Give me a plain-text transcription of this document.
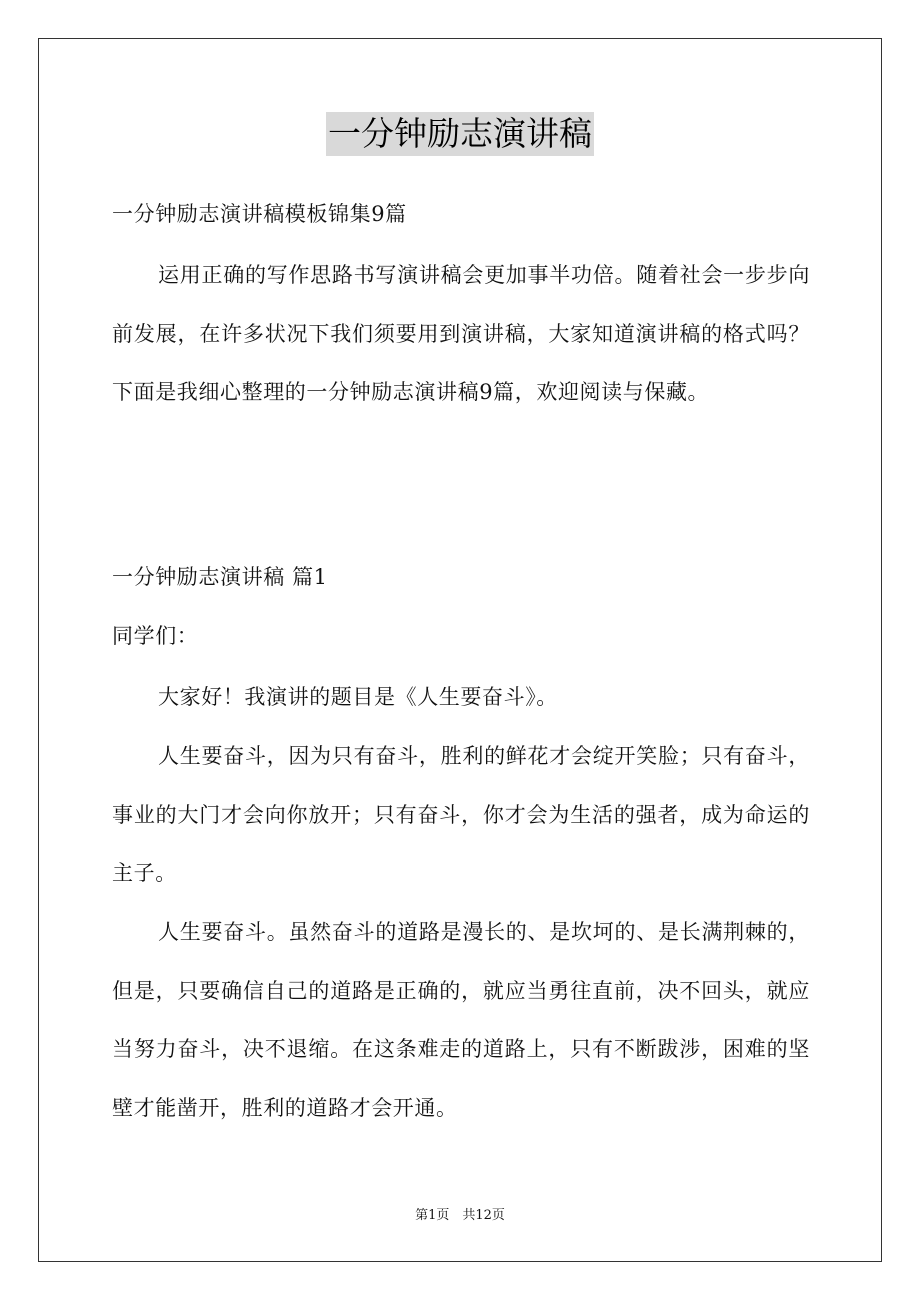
一分钟励志演讲稿
一分钟励志演讲稿模板锦集9篇
运用正确的写作思路书写演讲稿会更加事半功倍。随着社会一步步向前发展，在许多状况下我们须要用到演讲稿，大家知道演讲稿的格式吗？下面是我细心整理的一分钟励志演讲稿9篇，欢迎阅读与保藏。
一分钟励志演讲稿 篇1
同学们：
大家好！我演讲的题目是《人生要奋斗》。
人生要奋斗，因为只有奋斗，胜利的鲜花才会绽开笑脸；只有奋斗，事业的大门才会向你放开；只有奋斗，你才会为生活的强者，成为命运的主子。
人生要奋斗。虽然奋斗的道路是漫长的、是坎坷的、是长满荆棘的，但是，只要确信自己的道路是正确的，就应当勇往直前，决不回头，就应当努力奋斗，决不退缩。在这条难走的道路上，只有不断跋涉，困难的坚壁才能凿开，胜利的道路才会开通。
第1页　共12页
